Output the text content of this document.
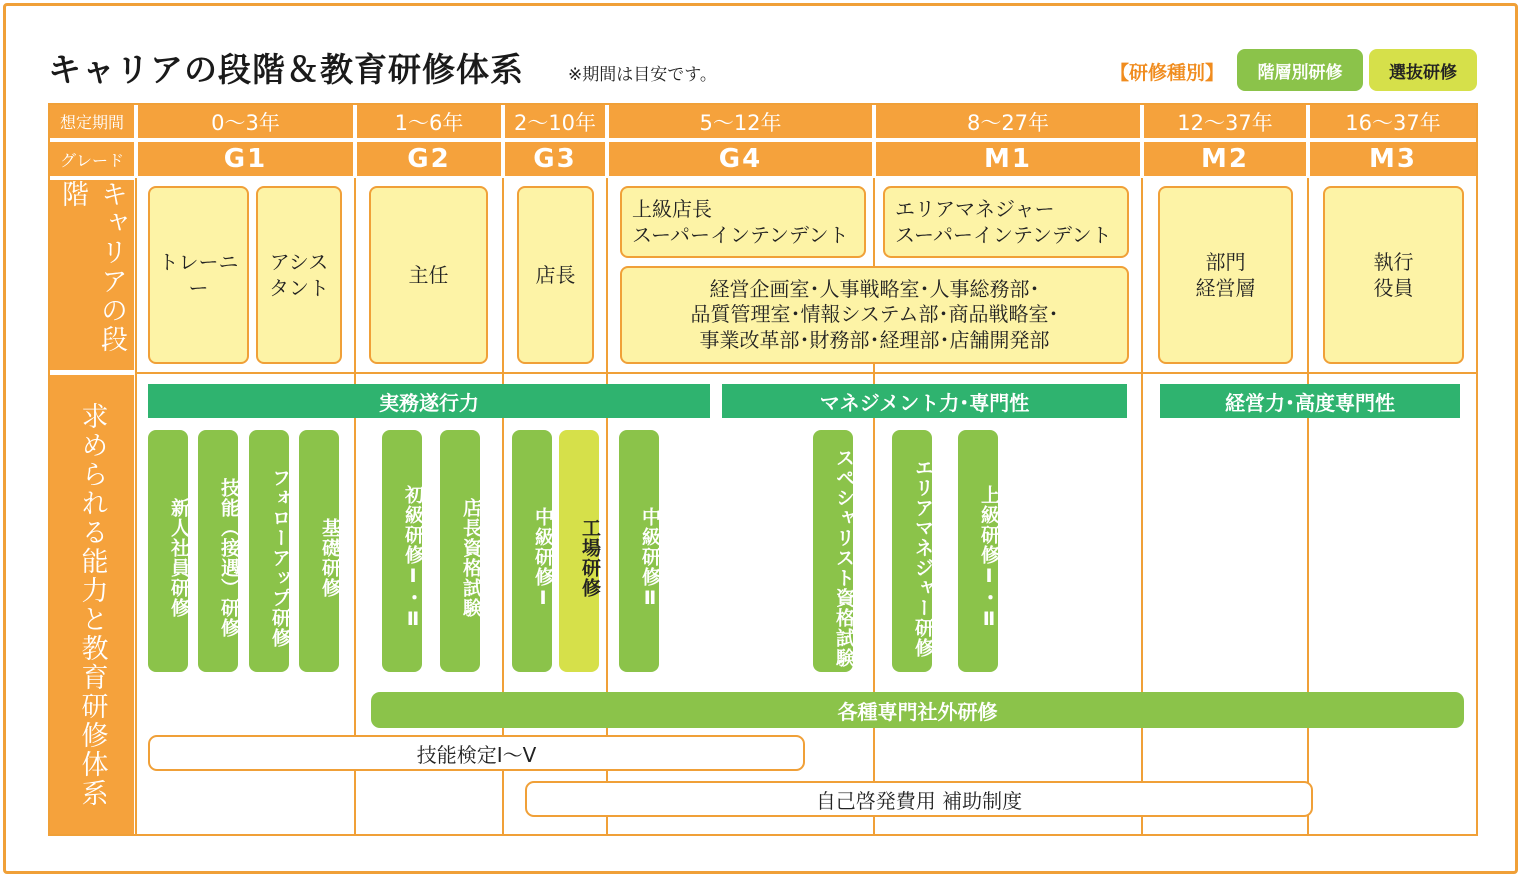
キャリアの段階＆教育研修体系	※期間は目安です。	【研修種別】	階層別研修	選抜研修
想定期間	0〜3年	1〜6年	2〜10年	5〜12年	8〜27年	12〜37年	16〜37年
グレード	G1	G2	G3	G4	M1	M2	M3
キャリアの段階
求められる能力と教育研修体系
トレーニー
アシス
タント
主任	店長
上級店長
スーパーインテンデント
エリアマネジャー
スーパーインテンデント
経営企画室･人事戦略室･人事総務部･
品質管理室･情報システム部･商品戦略室･
事業改革部･財務部･経理部･店舗開発部
部門
経営層
執行
役員
実務遂行力	マネジメント力･専門性	経営力･高度専門性
新人社員研修	技能（接遇）研修	フォローアップ研修	基礎研修	初級研修Ⅰ･Ⅱ	店長資格試験	中級研修Ⅰ	工場研修	中級研修Ⅱ	スペシャリスト資格試験	エリアマネジャー研修	上級研修Ⅰ･Ⅱ
各種専門社外研修
技能検定Ⅰ〜Ⅴ
自己啓発費用 補助制度
